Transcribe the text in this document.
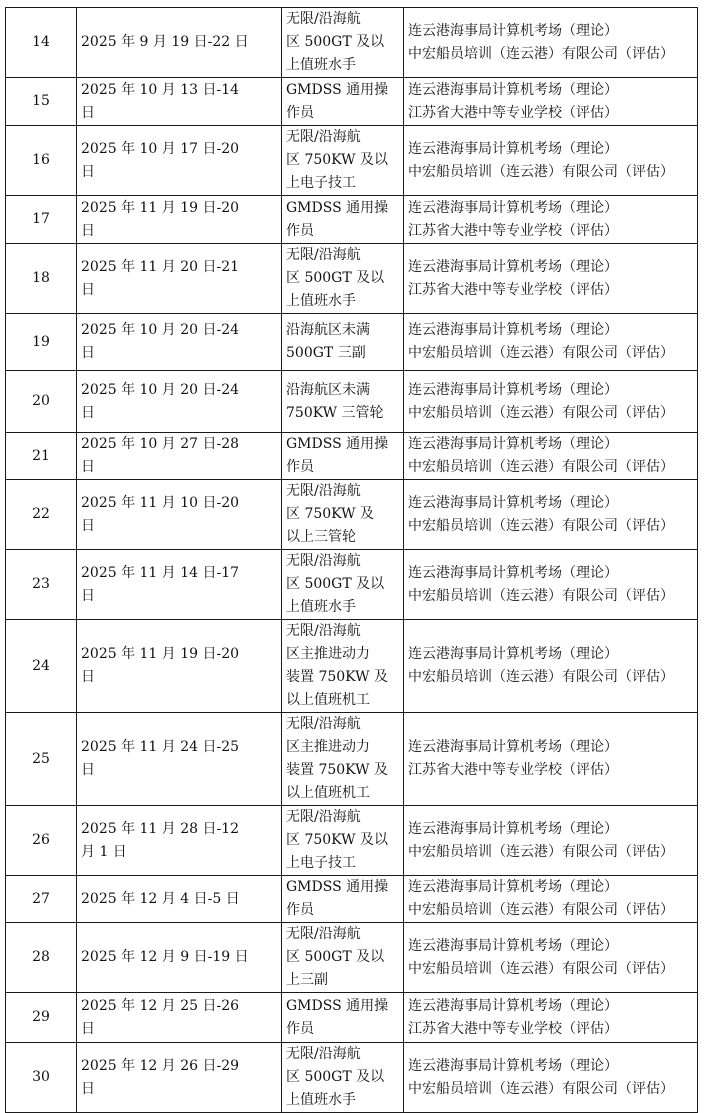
14	2025 年 9 月 19 日-22 日	无限/沿海航
区 500GT 及以
上值班水手	连云港海事局计算机考场（理论）
中宏船员培训（连云港）有限公司（评估）

15	2025 年 10 月 13 日-14
日	GMDSS 通用操
作员	连云港海事局计算机考场（理论）
江苏省大港中等专业学校（评估）

16	2025 年 10 月 17 日-20
日	无限/沿海航
区 750KW 及以
上电子技工	连云港海事局计算机考场（理论）
中宏船员培训（连云港）有限公司（评估）

17	2025 年 11 月 19 日-20
日	GMDSS 通用操
作员	连云港海事局计算机考场（理论）
江苏省大港中等专业学校（评估）

18	2025 年 11 月 20 日-21
日	无限/沿海航
区 500GT 及以
上值班水手	连云港海事局计算机考场（理论）
江苏省大港中等专业学校（评估）

19	2025 年 10 月 20 日-24
日	沿海航区未满
500GT 三副	连云港海事局计算机考场（理论）
中宏船员培训（连云港）有限公司（评估）

20	2025 年 10 月 20 日-24
日	沿海航区未满
750KW 三管轮	连云港海事局计算机考场（理论）
中宏船员培训（连云港）有限公司（评估）

21	2025 年 10 月 27 日-28
日	GMDSS 通用操
作员	连云港海事局计算机考场（理论）
中宏船员培训（连云港）有限公司（评估）

22	2025 年 11 月 10 日-20
日	无限/沿海航
区 750KW 及
以上三管轮	连云港海事局计算机考场（理论）
中宏船员培训（连云港）有限公司（评估）

23	2025 年 11 月 14 日-17
日	无限/沿海航
区 500GT 及以
上值班水手	连云港海事局计算机考场（理论）
中宏船员培训（连云港）有限公司（评估）

24	2025 年 11 月 19 日-20
日	无限/沿海航
区主推进动力
装置 750KW 及
以上值班机工	连云港海事局计算机考场（理论）
中宏船员培训（连云港）有限公司（评估）

25	2025 年 11 月 24 日-25
日	无限/沿海航
区主推进动力
装置 750KW 及
以上值班机工	连云港海事局计算机考场（理论）
江苏省大港中等专业学校（评估）

26	2025 年 11 月 28 日-12
月 1 日	无限/沿海航
区 750KW 及以
上电子技工	连云港海事局计算机考场（理论）
中宏船员培训（连云港）有限公司（评估）

27	2025 年 12 月 4 日-5 日	GMDSS 通用操
作员	连云港海事局计算机考场（理论）
中宏船员培训（连云港）有限公司（评估）

28	2025 年 12 月 9 日-19 日	无限/沿海航
区 500GT 及以
上三副	连云港海事局计算机考场（理论）
中宏船员培训（连云港）有限公司（评估）

29	2025 年 12 月 25 日-26
日	GMDSS 通用操
作员	连云港海事局计算机考场（理论）
江苏省大港中等专业学校（评估）

30	2025 年 12 月 26 日-29
日	无限/沿海航
区 500GT 及以
上值班水手	连云港海事局计算机考场（理论）
中宏船员培训（连云港）有限公司（评估）
